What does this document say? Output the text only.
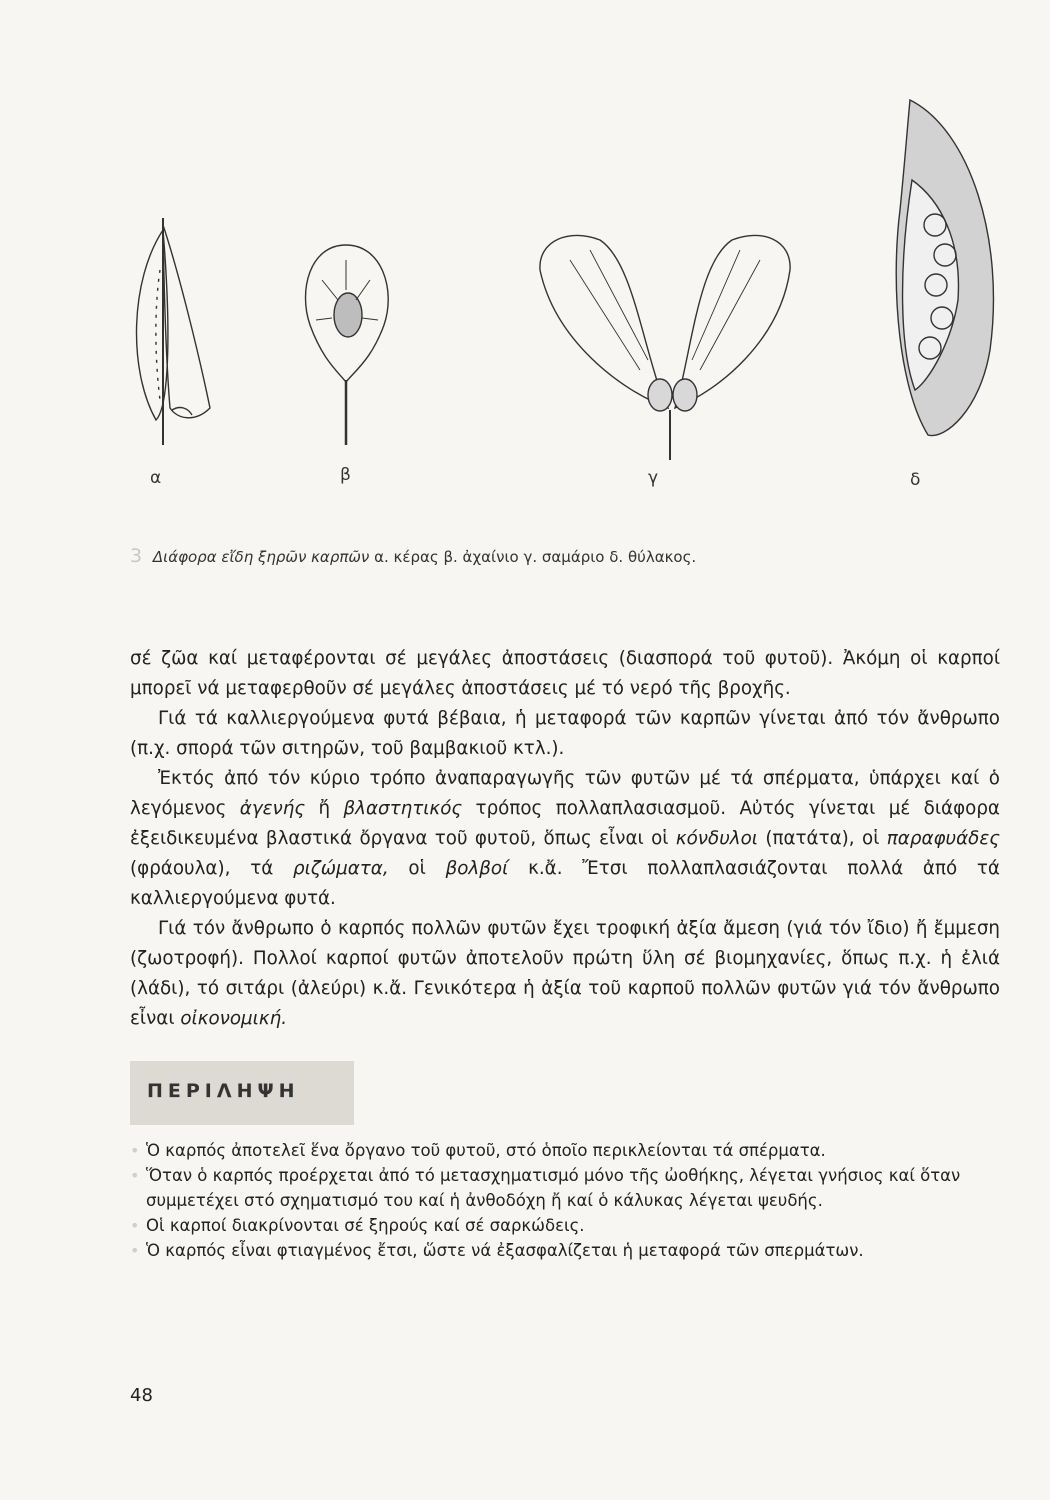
α	β	γ	δ
3 Διάφορα εἴδη ξηρῶν καρπῶν α. κέρας β. ἀχαίνιο γ. σαμάριο δ. θύλακος.

σέ ζῶα καί μεταφέρονται σέ μεγάλες ἀποστάσεις (διασπορά τοῦ φυτοῦ). Ἀκόμη οἱ καρποί μπορεῖ νά μεταφερθοῦν σέ μεγάλες ἀποστάσεις μέ τό νερό τῆς βροχῆς.

Γιά τά καλλιεργούμενα φυτά βέβαια, ἡ μεταφορά τῶν καρπῶν γίνεται ἀπό τόν ἄνθρωπο (π.χ. σπορά τῶν σιτηρῶν, τοῦ βαμβακιοῦ κτλ.).

Ἐκτός ἀπό τόν κύριο τρόπο ἀναπαραγωγῆς τῶν φυτῶν μέ τά σπέρματα, ὑπάρχει καί ὁ λεγόμενος ἀγενής ἤ βλαστητικός τρόπος πολλαπλασιασμοῦ. Αὐτός γίνεται μέ διάφορα ἐξειδικευμένα βλαστικά ὄργανα τοῦ φυτοῦ, ὅπως εἶναι οἱ κόνδυλοι (πατάτα), οἱ παραφυάδες (φράουλα), τά ριζώματα, οἱ βολβοί κ.ἄ. Ἔτσι πολλαπλασιάζονται πολλά ἀπό τά καλλιεργούμενα φυτά.

Γιά τόν ἄνθρωπο ὁ καρπός πολλῶν φυτῶν ἔχει τροφική ἀξία ἄμεση (γιά τόν ἴδιο) ἤ ἔμμεση (ζωοτροφή). Πολλοί καρποί φυτῶν ἀποτελοῦν πρώτη ὕλη σέ βιομηχανίες, ὅπως π.χ. ἡ ἐλιά (λάδι), τό σιτάρι (ἀλεύρι) κ.ἄ. Γενικότερα ἡ ἀξία τοῦ καρποῦ πολλῶν φυτῶν γιά τόν ἄνθρωπο εἶναι οἰκονομική.

ΠΕΡΙΛΗΨΗ
• Ὁ καρπός ἀποτελεῖ ἕνα ὄργανο τοῦ φυτοῦ, στό ὁποῖο περικλείονται τά σπέρματα.
• Ὅταν ὁ καρπός προέρχεται ἀπό τό μετασχηματισμό μόνο τῆς ὠοθήκης, λέγεται γνήσιος καί ὅταν συμμετέχει στό σχηματισμό του καί ἡ ἀνθοδόχη ἤ καί ὁ κάλυκας λέγεται ψευδής.
• Οἱ καρποί διακρίνονται σέ ξηρούς καί σέ σαρκώδεις.
• Ὁ καρπός εἶναι φτιαγμένος ἔτσι, ὥστε νά ἐξασφαλίζεται ἡ μεταφορά τῶν σπερμάτων.
48
